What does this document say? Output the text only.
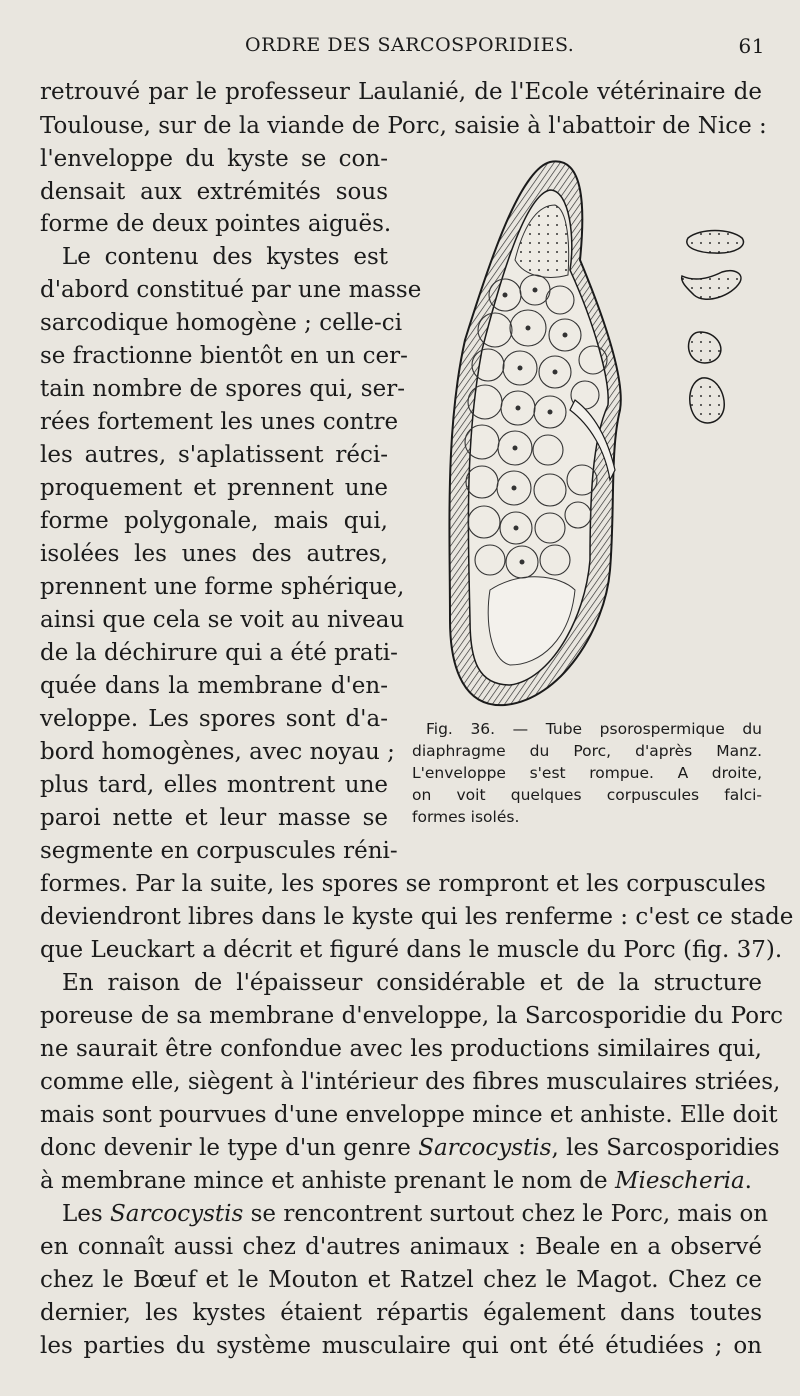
ORDRE DES SARCOSPORIDIES.	61
retrouvé par le professeur Laulanié, de l'Ecole vétérinaire de
Toulouse, sur de la viande de Porc, saisie à l'abattoir de Nice :
l'enveloppe du kyste se con-
densait aux extrémités sous
forme de deux pointes aiguës.
Le contenu des kystes est
d'abord constitué par une masse
sarcodique homogène ; celle-ci
se fractionne bientôt en un cer-
tain nombre de spores qui, ser-
rées fortement les unes contre
les autres, s'aplatissent réci-
proquement et prennent une
forme polygonale, mais qui,
isolées les unes des autres,
prennent une forme sphérique,
ainsi que cela se voit au niveau
de la déchirure qui a été prati-
quée dans la membrane d'en-
veloppe. Les spores sont d'a-
bord homogènes, avec noyau ;
plus tard, elles montrent une
paroi nette et leur masse se
segmente en corpuscules réni-
formes. Par la suite, les spores se rompront et les corpuscules
deviendront libres dans le kyste qui les renferme : c'est ce stade
que Leuckart a décrit et figuré dans le muscle du Porc (fig. 37).
En raison de l'épaisseur considérable et de la structure
poreuse de sa membrane d'enveloppe, la Sarcosporidie du Porc
ne saurait être confondue avec les productions similaires qui,
comme elle, siègent à l'intérieur des fibres musculaires striées,
mais sont pourvues d'une enveloppe mince et anhiste. Elle doit
donc devenir le type d'un genre Sarcocystis, les Sarcosporidies
à membrane mince et anhiste prenant le nom de Miescheria.
Les Sarcocystis se rencontrent surtout chez le Porc, mais on
en connaît aussi chez d'autres animaux : Beale en a observé
chez le Bœuf et le Mouton et Ratzel chez le Magot. Chez ce
dernier, les kystes étaient répartis également dans toutes
les parties du système musculaire qui ont été étudiées ; on
Fig. 36. — Tube psorospermique du
diaphragme du Porc, d'après Manz.
L'enveloppe s'est rompue. A droite,
on voit quelques corpuscules falci-
formes isolés.
